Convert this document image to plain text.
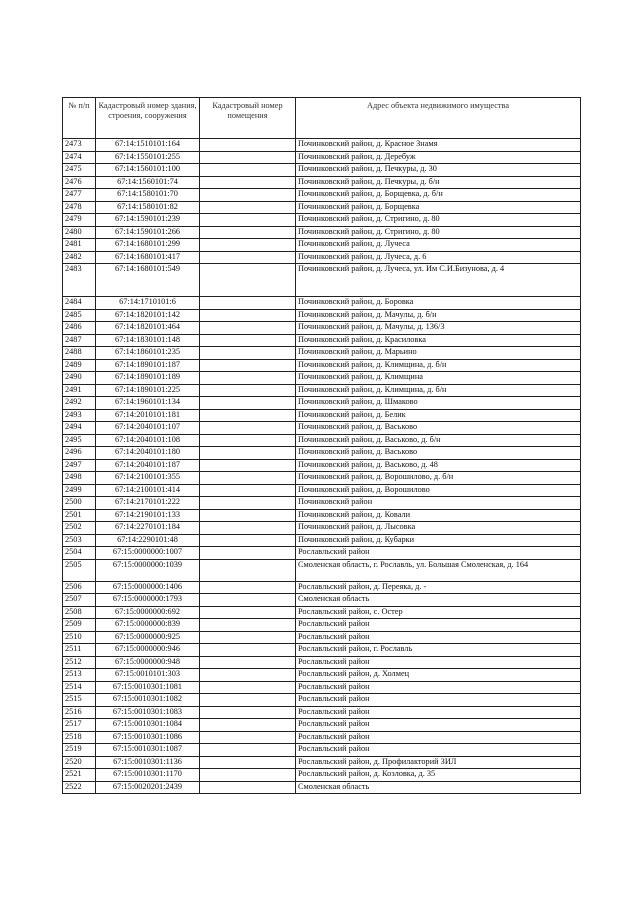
№ п/п	Кадастровый номер здания, строения, сооружения	Кадастровый номер помещения	Адрес объекта недвижимого имущества
2473	67:14:1510101:164		Починковский район, д. Красное Знамя
2474	67:14:1550101:255		Починковский район, д. Деребуж
2475	67:14:1560101:100		Починковский район, д. Печкуры, д. 30
2476	67:14:1560101:74		Починковский район, д. Печкуры, д. б/н
2477	67:14:1580101:70		Починковский район, д. Борщевка, д. б/н
2478	67:14:1580101:82		Починковский район, д. Борщевка
2479	67:14:1590101:239		Починковский район, д. Стригино, д. 80
2480	67:14:1590101:266		Починковский район, д. Стригино, д. 80
2481	67:14:1680101:299		Починковский район, д. Лучеса
2482	67:14:1680101:417		Починковский район, д. Лучеса, д. 6
2483	67:14:1680101:549		Починковский район, д. Лучеса, ул. Им С.И.Бизунова, д. 4
2484	67:14:1710101:6		Починковский район, д. Боровка
2485	67:14:1820101:142		Починковский район, д. Мачулы, д. б/н
2486	67:14:1820101:464		Починковский район, д. Мачулы, д. 136/3
2487	67:14:1830101:148		Починковский район, д. Красиловка
2488	67:14:1860101:235		Починковский район, д. Марьино
2489	67:14:1890101:187		Починковский район, д. Климщина, д. б/н
2490	67:14:1890101:189		Починковский район, д. Климщина
2491	67:14:1890101:225		Починковский район, д. Климщина, д. б/н
2492	67:14:1960101:134		Починковский район, д. Шмаково
2493	67:14:2010101:181		Починковский район, д. Белик
2494	67:14:2040101:107		Починковский район, д. Васьково
2495	67:14:2040101:108		Починковский район, д. Васьково, д. б/н
2496	67:14:2040101:180		Починковский район, д. Васьково
2497	67:14:2040101:187		Починковский район, д. Васьково, д. 48
2498	67:14:2100101:355		Починковский район, д. Ворошилово, д. б/н
2499	67:14:2100101:414		Починковский район, д. Ворошилово
2500	67:14:2170101:222		Починковский район
2501	67:14:2190101:133		Починковский район, д. Ковали
2502	67:14:2270101:184		Починковский район, д. Лысовка
2503	67:14:2290101:48		Починковский район, д. Кубарки
2504	67:15:0000000:1007		Рославльский район
2505	67:15:0000000:1039		Смоленская область, г. Рославль, ул. Большая Смоленская, д. 164
2506	67:15:0000000:1406		Рославльский район, д. Переяка, д. -
2507	67:15:0000000:1793		Смоленская область
2508	67:15:0000000:692		Рославльский район, с. Остер
2509	67:15:0000000:839		Рославльский район
2510	67:15:0000000:925		Рославльский район
2511	67:15:0000000:946		Рославльский район, г. Рославль
2512	67:15:0000000:948		Рославльский район
2513	67:15:0010101:303		Рославльский район, д. Холмец
2514	67:15:0010301:1081		Рославльский район
2515	67:15:0010301:1082		Рославльский район
2516	67:15:0010301:1083		Рославльский район
2517	67:15:0010301:1084		Рославльский район
2518	67:15:0010301:1086		Рославльский район
2519	67:15:0010301:1087		Рославльский район
2520	67:15:0010301:1136		Рославльский район, д. Профилакторий ЗИЛ
2521	67:15:0010301:1170		Рославльский район, д. Козловка, д. 35
2522	67:15:0020201:2439		Смоленская область
